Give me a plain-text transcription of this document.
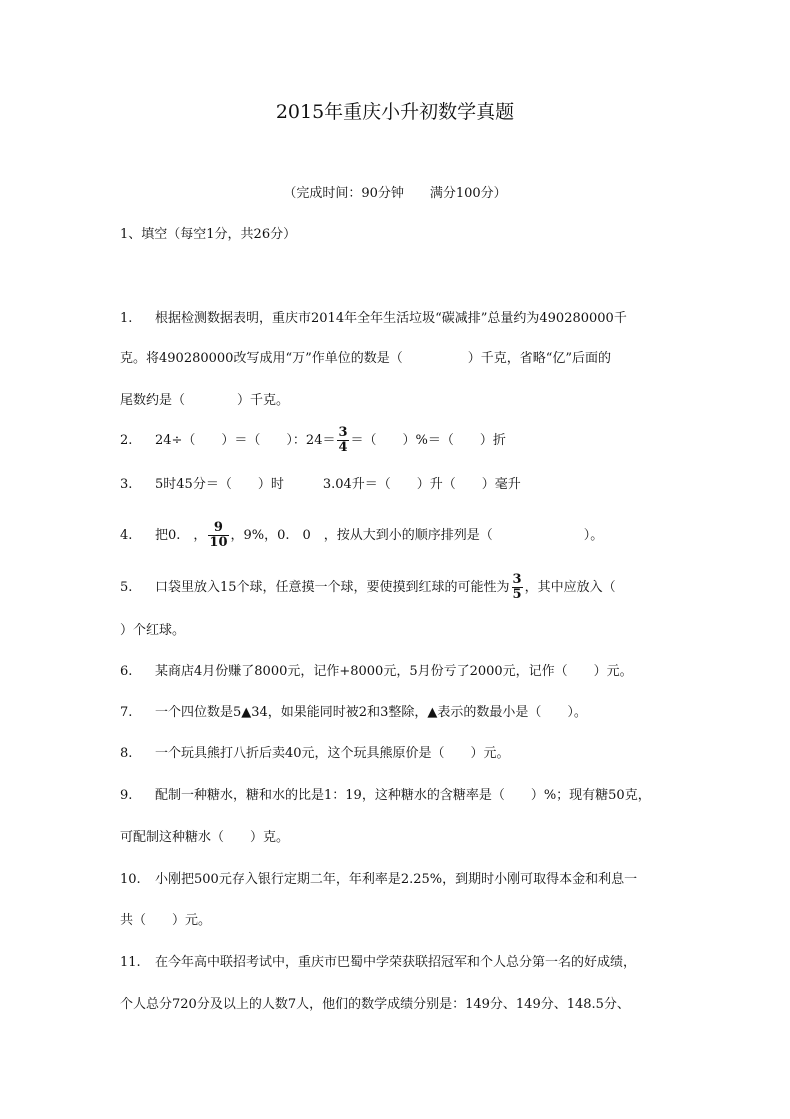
2015年重庆小升初数学真题
（完成时间：90分钟　　满分100分）
1、填空（每空1分，共26分）
1. 根据检测数据表明，重庆市2014年全年生活垃圾“碳减排”总量约为490280000千
克。将490280000改写成用“万”作单位的数是（　　　　　）千克，省略“亿”后面的
尾数约是（　　　　）千克。
2. 24÷（　　）＝（　　）：$24= \frac{3}{4}$ ＝（　　）%＝（　　）折
3. 5时45分＝（　　）时　　　3.04升＝（　　）升（　　）毫升
4. 把0.　， $\frac{9}{10}$ ，9%，0.　0　，按从大到小的顺序排列是（　　　　　　　）。
5. 口袋里放入15个球，任意摸一个球，要使摸到红球的可能性为 $\frac{3}{5}$ ，其中应放入（
）个红球。
6. 某商店4月份赚了8000元，记作+8000元，5月份亏了2000元，记作（　　）元。
7. 一个四位数是5▲34，如果能同时被2和3整除，▲表示的数最小是（　　）。
8. 一个玩具熊打八折后卖40元，这个玩具熊原价是（　　）元。
9. 配制一种糖水，糖和水的比是1：19，这种糖水的含糖率是（　　）%；现有糖50克，
可配制这种糖水（　　）克。
10. 小刚把500元存入银行定期二年，年利率是2.25%，到期时小刚可取得本金和利息一
共（　　）元。
11. 在今年高中联招考试中，重庆市巴蜀中学荣获联招冠军和个人总分第一名的好成绩，
个人总分720分及以上的人数7人，他们的数学成绩分别是：149分、149分、148.5分、
